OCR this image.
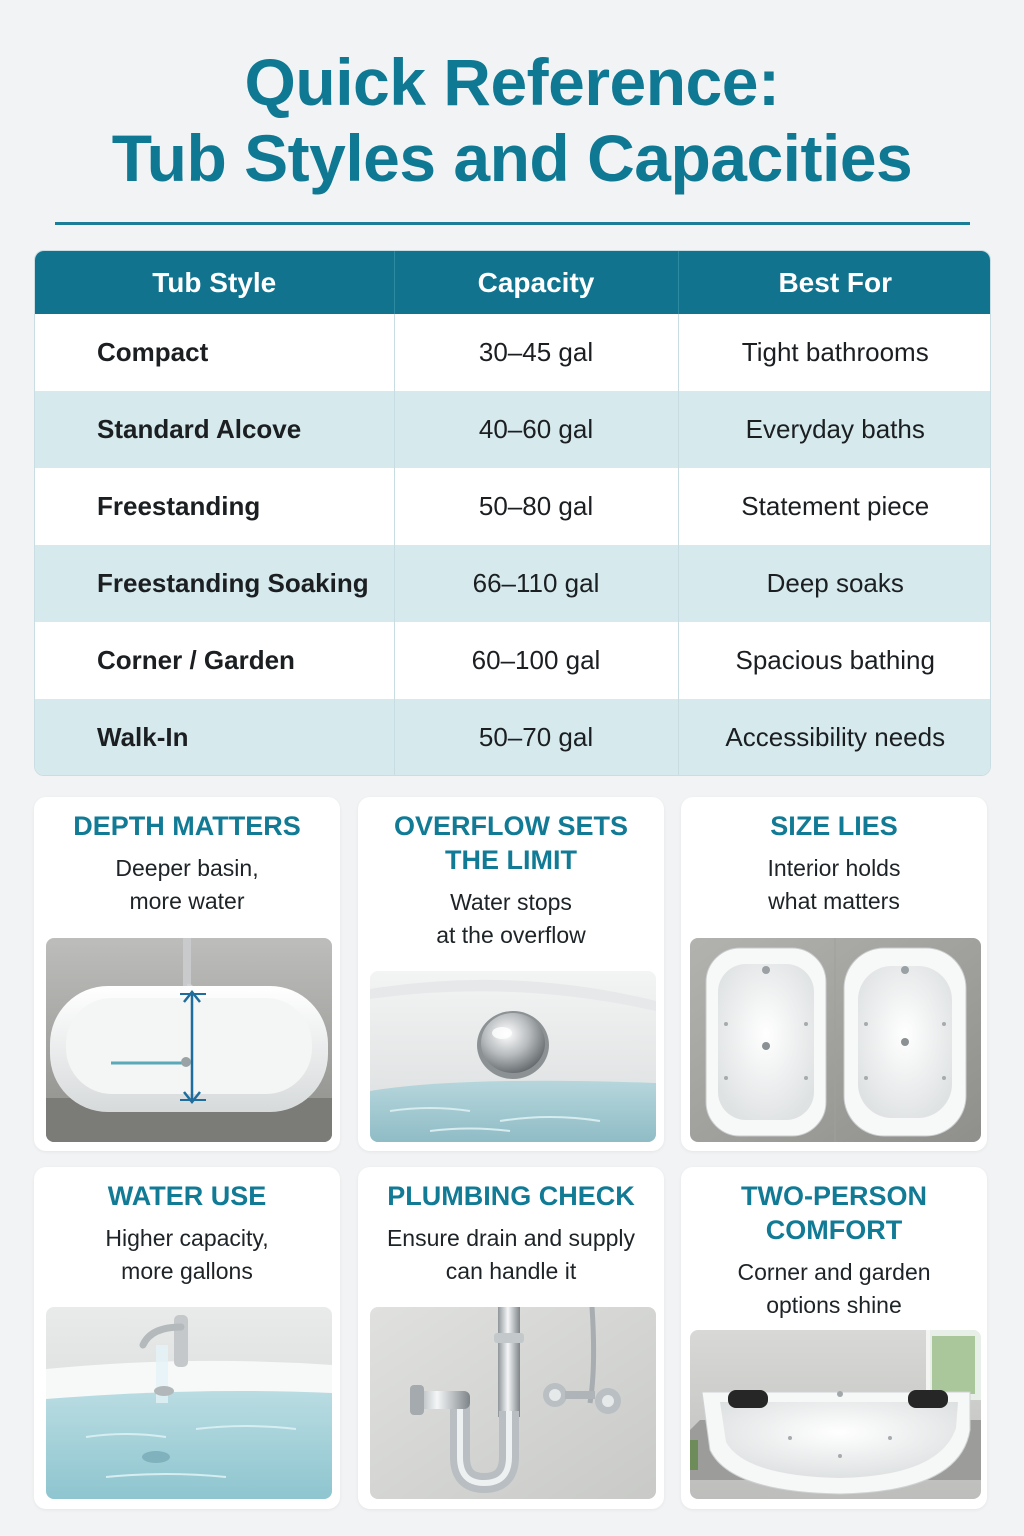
Quick Reference:
Tub Styles and Capacities
Tub Style	Capacity	Best For
Compact	30–45 gal	Tight bathrooms
Standard Alcove	40–60 gal	Everyday baths
Freestanding	50–80 gal	Statement piece
Freestanding Soaking	66–110 gal	Deep soaks
Corner / Garden	60–100 gal	Spacious bathing
Walk-In	50–70 gal	Accessibility needs
DEPTH MATTERS
Deeper basin,
more water
OVERFLOW SETS
THE LIMIT
Water stops
at the overflow
SIZE LIES
Interior holds
what matters
WATER USE
Higher capacity,
more gallons
PLUMBING CHECK
Ensure drain and supply
can handle it
TWO-PERSON
COMFORT
Corner and garden
options shine
